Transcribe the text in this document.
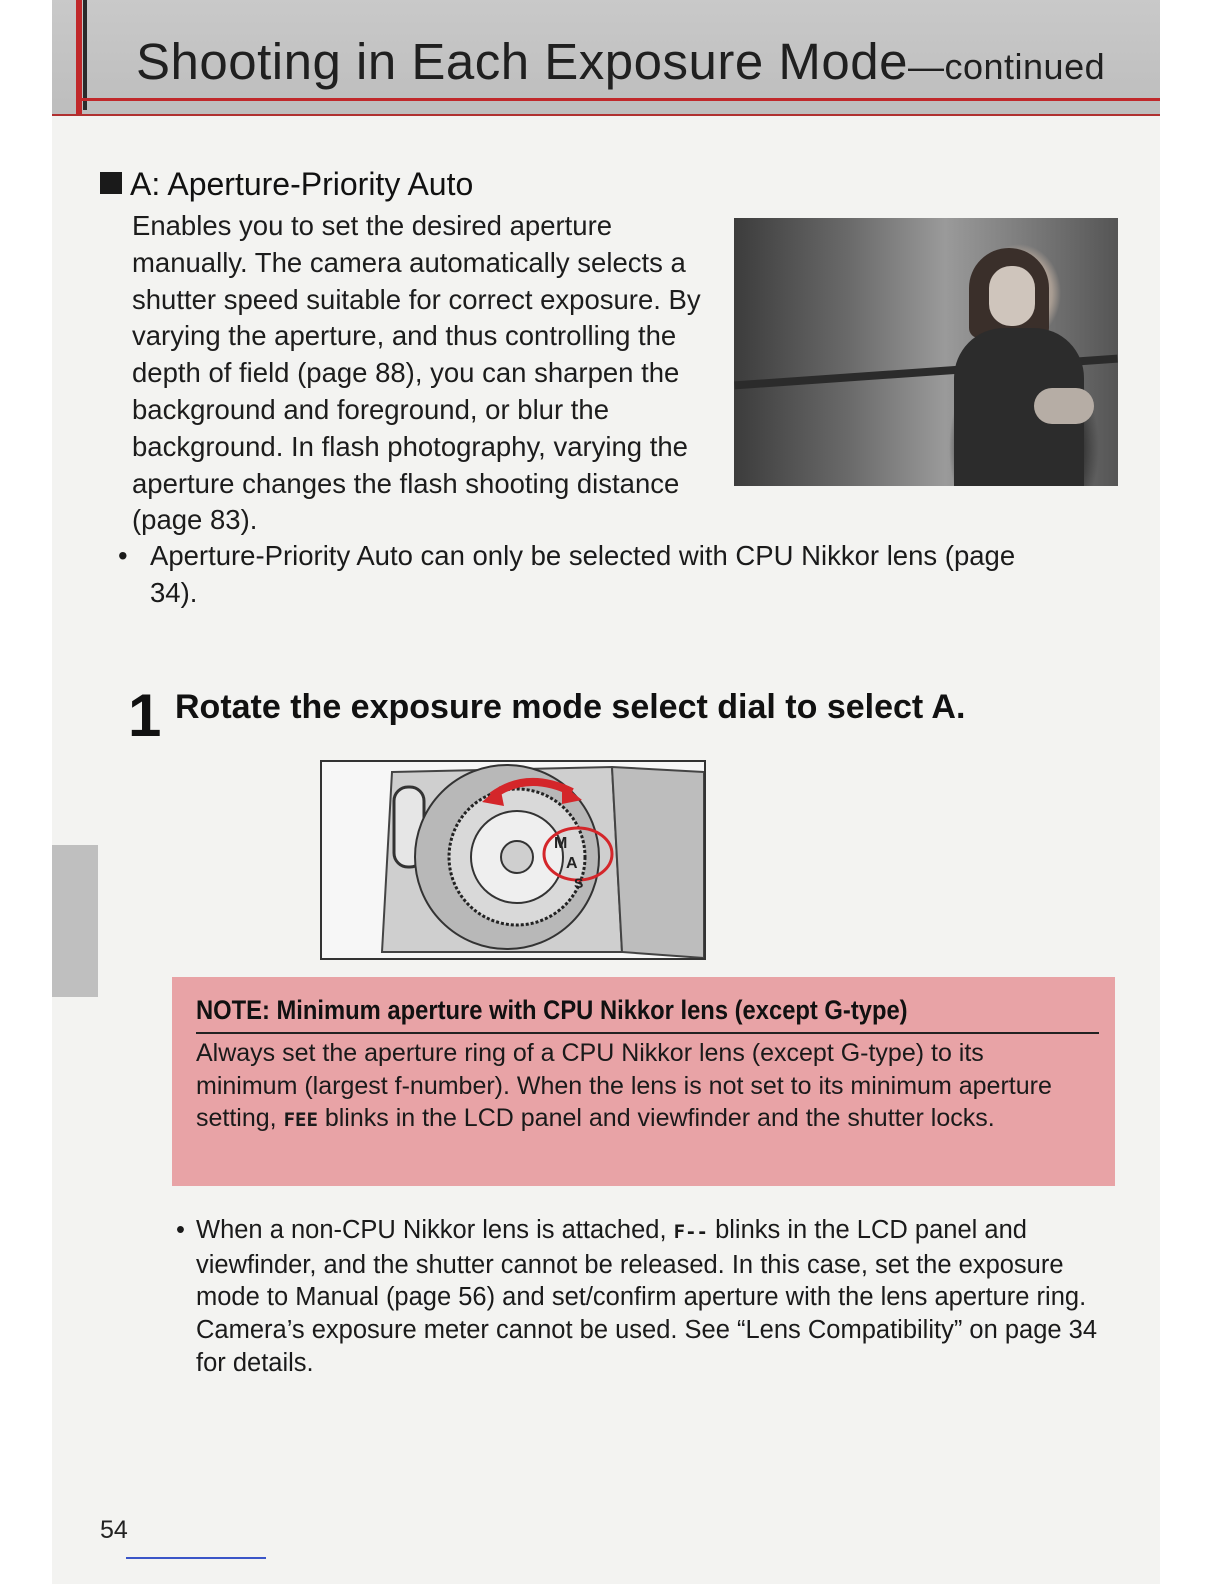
Shooting in Each Exposure Mode—continued
A: Aperture-Priority Auto
Enables you to set the desired aperture manually. The camera automatically selects a shutter speed suitable for correct exposure. By varying the aperture, and thus controlling the depth of field (page 88), you can sharpen the background and foreground, or blur the background. In flash photography, varying the aperture changes the flash shooting distance (page 83).
• Aperture-Priority Auto can only be selected with CPU Nikkor lens (page 34).
1 Rotate the exposure mode select dial to select A.
M
A
S
NOTE: Minimum aperture with CPU Nikkor lens (except G-type)
Always set the aperture ring of a CPU Nikkor lens (except G-type) to its minimum (largest f-number). When the lens is not set to its minimum aperture setting, FEE blinks in the LCD panel and viewfinder and the shutter locks.
• When a non-CPU Nikkor lens is attached, F-- blinks in the LCD panel and viewfinder, and the shutter cannot be released. In this case, set the exposure mode to Manual (page 56) and set/confirm aperture with the lens aperture ring. Camera’s exposure meter cannot be used. See “Lens Compatibility” on page 34 for details.
54
